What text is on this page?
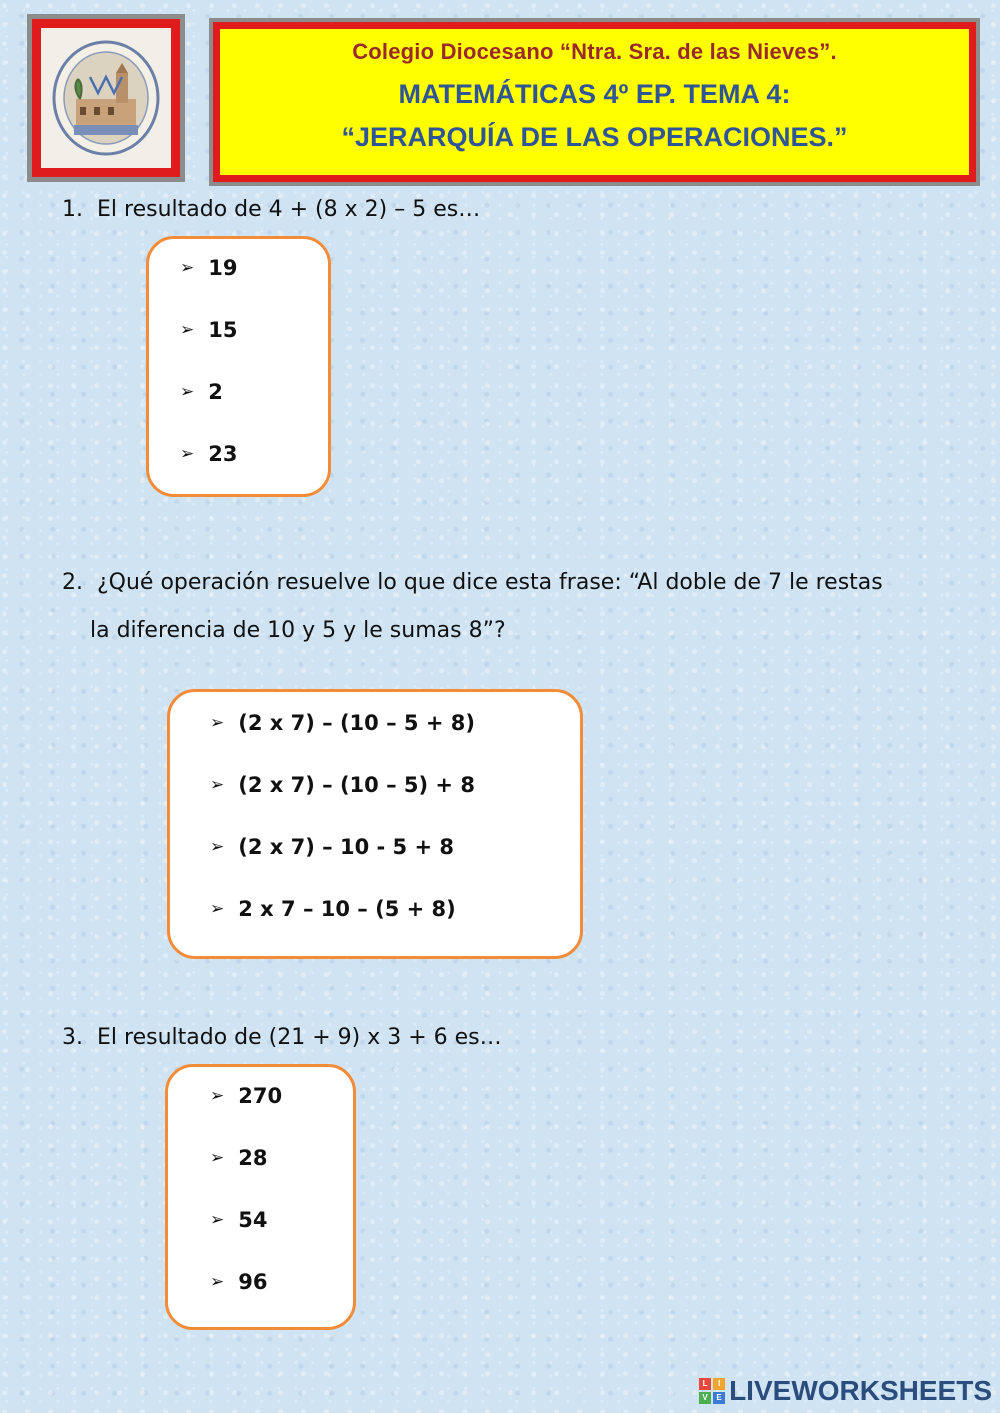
Colegio Diocesano “Ntra. Sra. de las Nieves”.
MATEMÁTICAS 4º EP. TEMA 4:
“JERARQUÍA DE LAS OPERACIONES.”
1. El resultado de 4 + (8 x 2) – 5 es…
➢ 19
➢ 15
➢ 2
➢ 23
2. ¿Qué operación resuelve lo que dice esta frase: “Al doble de 7 le restas
la diferencia de 10 y 5 y le sumas 8”?
➢ (2 x 7) – (10 – 5 + 8)
➢ (2 x 7) – (10 – 5) + 8
➢ (2 x 7) – 10 - 5 + 8
➢ 2 x 7 – 10 – (5 + 8)
3. El resultado de (21 + 9) x 3 + 6 es…
➢ 270
➢ 28
➢ 54
➢ 96
L	I
V	E LIVEWORKSHEETS
